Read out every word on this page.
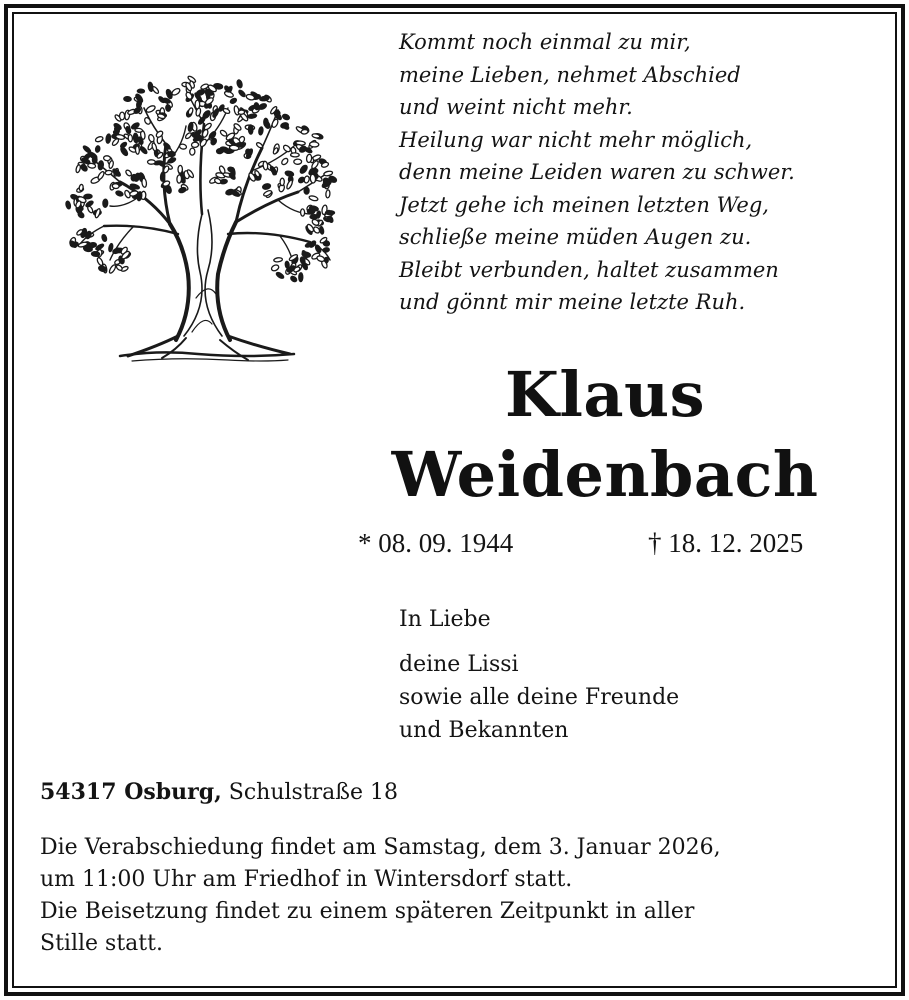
Kommt noch einmal zu mir,
meine Lieben, nehmet Abschied
und weint nicht mehr.
Heilung war nicht mehr möglich,
denn meine Leiden waren zu schwer.
Jetzt gehe ich meinen letzten Weg,
schließe meine müden Augen zu.
Bleibt verbunden, haltet zusammen
und gönnt mir meine letzte Ruh.
Klaus
Weidenbach
* 08. 09. 1944	† 18. 12. 2025
In Liebe
deine Lissi
sowie alle deine Freunde
und Bekannten
54317 Osburg, Schulstraße 18
Die Verabschiedung findet am Samstag, dem 3. Januar 2026,
um 11:00 Uhr am Friedhof in Wintersdorf statt.
Die Beisetzung findet zu einem späteren Zeitpunkt in aller
Stille statt.
